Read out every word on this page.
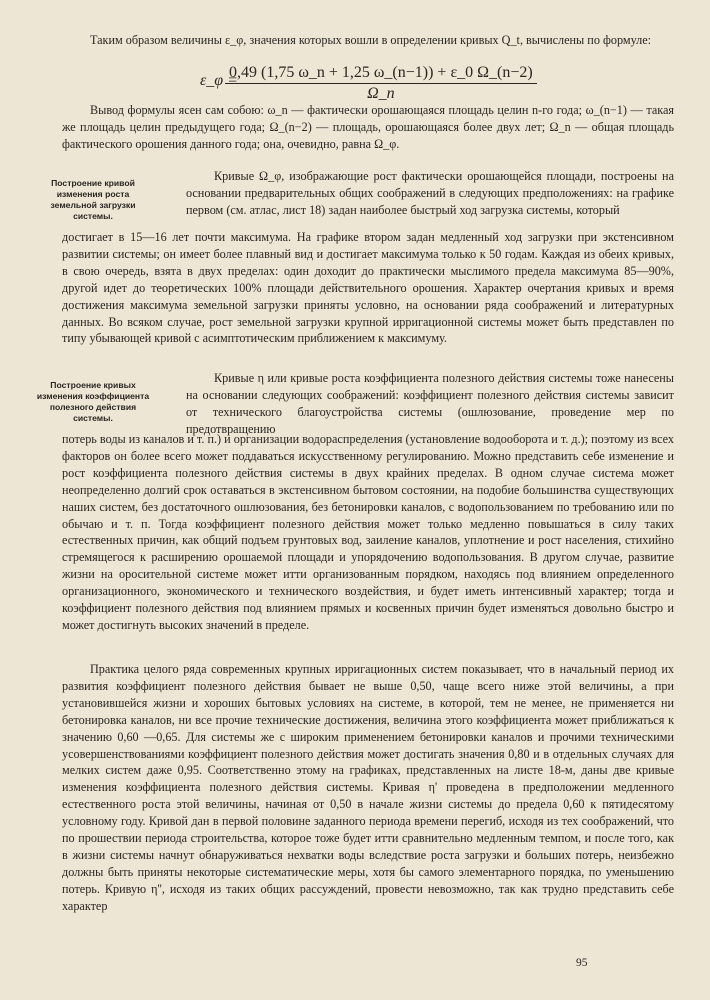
Таким образом величины ε_φ, значения которых вошли в определении кривых Q_t, вычислены по формуле:

ε_φ =
$\frac{0,49 (1,75 \omega\_n + 1,25 \omega\_(n-1)) + \varepsilon\_0 \Omega\_(n-2)}{\Omega\_n}$

Вывод формулы ясен сам собою: ω_n — фактически орошающаяся площадь целин n-го года; ω_(n−1) — такая же площадь целин предыдущего года; Ω_(n−2) — площадь, орошающаяся более двух лет; Ω_n — общая площадь фактического орошения данного года; она, очевидно, равна Ω_φ.

Построение кривой изменения роста земельной загрузки системы.

Кривые Ω_φ, изображающие рост фактически орошающейся площади, построены на основании предварительных общих соображений в следующих предположениях: на графике первом (см. атлас, лист 18) задан наиболее быстрый ход загрузка системы, который

достигает в 15—16 лет почти максимума. На графике втором задан медленный ход загрузки при экстенсивном развитии системы; он имеет более плавный вид и достигает максимума только к 50 годам. Каждая из обеих кривых, в свою очередь, взята в двух пределах: один доходит до практически мыслимого предела максимума 85—90%, другой идет до теоретических 100% площади действительного орошения. Характер очертания кривых и время достижения максимума земельной загрузки приняты условно, на основании ряда соображений и литературных данных. Во всяком случае, рост земельной загрузки крупной ирригационной системы может быть представлен по типу убывающей кривой с асимптотическим приближением к максимуму.

Построение кривых изменения коэффициента полезного действия системы.

Кривые η или кривые роста коэффициента полезного действия системы тоже нанесены на основании следующих соображений: коэффициент полезного действия системы зависит от технического благоустройства системы (ошлюзование, проведение мер по предотвращению

потерь воды из каналов и т. п.) и организации водораспределения (установление водооборота и т. д.); поэтому из всех факторов он более всего может поддаваться искусственному регулированию. Можно представить себе изменение и рост коэффициента полезного действия системы в двух крайних пределах. В одном случае система может неопределенно долгий срок оставаться в экстенсивном бытовом состоянии, на подобие большинства существующих наших систем, без достаточного ошлюзования, без бетонировки каналов, с водопользованием по требованию или по обычаю и т. п. Тогда коэффициент полезного действия может только медленно повышаться в силу таких естественных причин, как общий подъем грунтовых вод, заиление каналов, уплотнение и рост населения, стихийно стремящегося к расширению орошаемой площади и упорядочению водопользования. В другом случае, развитие жизни на оросительной системе может итти организованным порядком, находясь под влиянием определенного организационного, экономического и технического воздействия, и будет иметь интенсивный характер; тогда и коэффициент полезного действия под влиянием прямых и косвенных причин будет изменяться довольно быстро и может достигнуть высоких значений в пределе.

Практика целого ряда современных крупных ирригационных систем показывает, что в начальный период их развития коэффициент полезного действия бывает не выше 0,50, чаще всего ниже этой величины, а при установившейся жизни и хороших бытовых условиях на системе, в которой, тем не менее, не применяется ни бетонировка каналов, ни все прочие технические достижения, величина этого коэффициента может приближаться к значению 0,60 —0,65. Для системы же с широким применением бетонировки каналов и прочими техническими усовершенствованиями коэффициент полезного действия может достигать значения 0,80 и в отдельных случаях для мелких систем даже 0,95. Соответственно этому на графиках, представленных на листе 18-м, даны две кривые изменения коэффициента полезного действия системы. Кривая η' проведена в предположении медленного естественного роста этой величины, начиная от 0,50 в начале жизни системы до предела 0,60 к пятидесятому условному году. Кривой дан в первой половине заданного периода времени перегиб, исходя из тех соображений, что по прошествии периода строительства, которое тоже будет итти сравнительно медленным темпом, и после того, как в жизни системы начнут обнаруживаться нехватки воды вследствие роста загрузки и больших потерь, неизбежно должны быть приняты некоторые систематические меры, хотя бы самого элементарного порядка, по уменьшению потерь. Кривую η'', исходя из таких общих рассуждений, провести невозможно, так как трудно представить себе характер

95
